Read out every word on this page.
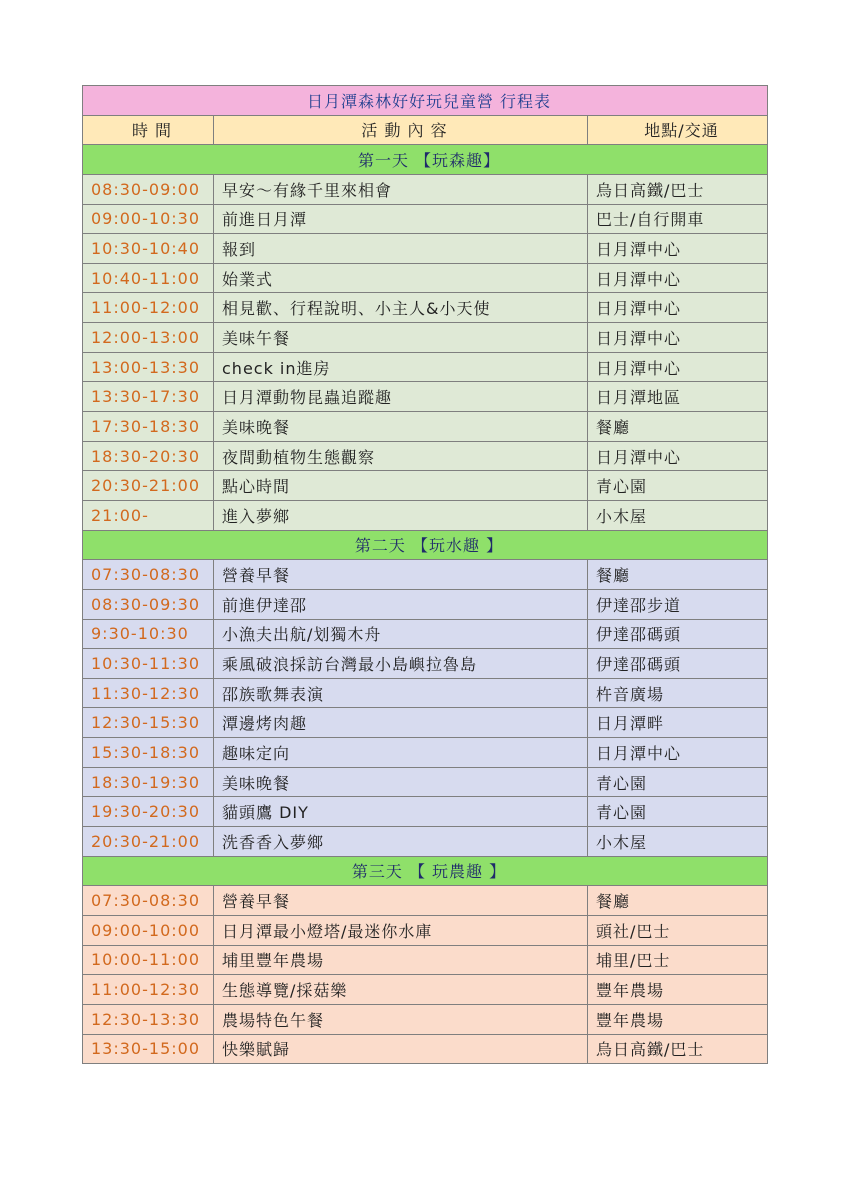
日月潭森林好好玩兒童營 行程表		
時 間	活 動 內 容	地點/交通
第一天 【玩森趣】		
08:30-09:00	早安～有緣千里來相會	烏日高鐵/巴士
09:00-10:30	前進日月潭	巴士/自行開車
10:30-10:40	報到	日月潭中心
10:40-11:00	始業式	日月潭中心
11:00-12:00	相見歡、行程說明、小主人&小天使	日月潭中心
12:00-13:00	美味午餐	日月潭中心
13:00-13:30	check in進房	日月潭中心
13:30-17:30	日月潭動物昆蟲追蹤趣	日月潭地區
17:30-18:30	美味晚餐	餐廳
18:30-20:30	夜間動植物生態觀察	日月潭中心
20:30-21:00	點心時間	青心園
21:00-	進入夢鄉	小木屋
第二天 【玩水趣 】		
07:30-08:30	營養早餐	餐廳
08:30-09:30	前進伊達邵	伊達邵步道
9:30-10:30	小漁夫出航/划獨木舟	伊達邵碼頭
10:30-11:30	乘風破浪採訪台灣最小島嶼拉魯島	伊達邵碼頭
11:30-12:30	邵族歌舞表演	杵音廣場
12:30-15:30	潭邊烤肉趣	日月潭畔
15:30-18:30	趣味定向	日月潭中心
18:30-19:30	美味晚餐	青心園
19:30-20:30	貓頭鷹 DIY	青心園
20:30-21:00	洗香香入夢鄉	小木屋
第三天 【 玩農趣 】		
07:30-08:30	營養早餐	餐廳
09:00-10:00	日月潭最小燈塔/最迷你水庫	頭社/巴士
10:00-11:00	埔里豐年農場	埔里/巴士
11:00-12:30	生態導覽/採菇樂	豐年農場
12:30-13:30	農場特色午餐	豐年農場
13:30-15:00	快樂賦歸	烏日高鐵/巴士
